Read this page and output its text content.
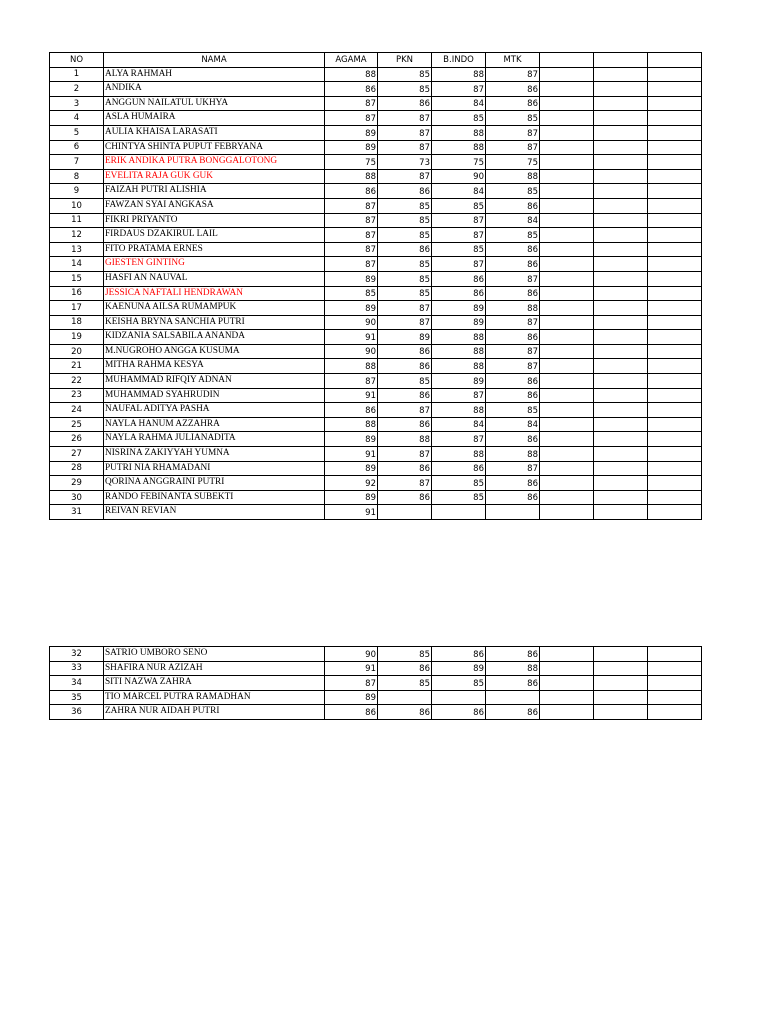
NO	NAMA	AGAMA	PKN	B.INDO	MTK			
1	ALYA RAHMAH	88	85	88	87			
2	ANDIKA	86	85	87	86			
3	ANGGUN NAILATUL UKHYA	87	86	84	86			
4	ASLA HUMAIRA	87	87	85	85			
5	AULIA KHAISA LARASATI	89	87	88	87			
6	CHINTYA SHINTA PUPUT FEBRYANA	89	87	88	87			
7	ERIK ANDIKA PUTRA BONGGALOTONG	75	73	75	75			
8	EVELITA RAJA GUK GUK	88	87	90	88			
9	FAIZAH PUTRI ALISHIA	86	86	84	85			
10	FAWZAN SYAI ANGKASA	87	85	85	86			
11	FIKRI PRIYANTO	87	85	87	84			
12	FIRDAUS DZAKIRUL LAIL	87	85	87	85			
13	FITO PRATAMA ERNES	87	86	85	86			
14	GIESTEN GINTING	87	85	87	86			
15	HASFI AN NAUVAL	89	85	86	87			
16	JESSICA NAFTALI HENDRAWAN	85	85	86	86			
17	KAENUNA AILSA RUMAMPUK	89	87	89	88			
18	KEISHA BRYNA SANCHIA PUTRI	90	87	89	87			
19	KIDZANIA SALSABILA ANANDA	91	89	88	86			
20	M.NUGROHO ANGGA KUSUMA	90	86	88	87			
21	MITHA RAHMA KESYA	88	86	88	87			
22	MUHAMMAD RIFQIY ADNAN	87	85	89	86			
23	MUHAMMAD SYAHRUDIN	91	86	87	86			
24	NAUFAL ADITYA PASHA	86	87	88	85			
25	NAYLA HANUM AZZAHRA	88	86	84	84			
26	NAYLA RAHMA JULIANADITA	89	88	87	86			
27	NISRINA ZAKIYYAH YUMNA	91	87	88	88			
28	PUTRI NIA RHAMADANI	89	86	86	87			
29	QORINA ANGGRAINI PUTRI	92	87	85	86			
30	RANDO FEBINANTA SUBEKTI	89	86	85	86			
31	REIVAN REVIAN	91						
32	SATRIO UMBORO SENO	90	85	86	86			
33	SHAFIRA NUR AZIZAH	91	86	89	88			
34	SITI NAZWA ZAHRA	87	85	85	86			
35	TIO MARCEL PUTRA RAMADHAN	89						
36	ZAHRA NUR AIDAH PUTRI	86	86	86	86			
